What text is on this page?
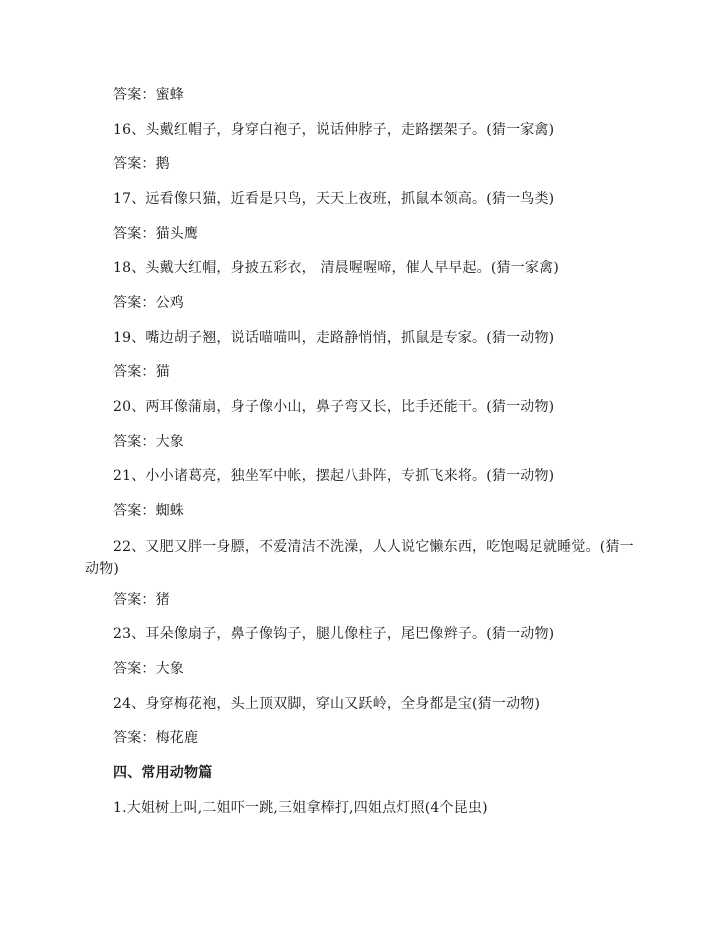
答案：蜜蜂
16、头戴红帽子，身穿白袍子，说话伸脖子，走路摆架子。(猜一家禽)
答案：鹅
17、远看像只猫，近看是只鸟，天天上夜班，抓鼠本领高。(猜一鸟类)
答案：猫头鹰
18、头戴大红帽，身披五彩衣， 清晨喔喔啼，催人早早起。(猜一家禽)
答案：公鸡
19、嘴边胡子翘，说话喵喵叫，走路静悄悄，抓鼠是专家。(猜一动物)
答案：猫
20、两耳像蒲扇，身子像小山，鼻子弯又长，比手还能干。(猜一动物)
答案：大象
21、小小诸葛亮，独坐军中帐，摆起八卦阵，专抓飞来将。(猜一动物)
答案：蜘蛛
22、又肥又胖一身膘，不爱清洁不洗澡，人人说它懒东西，吃饱喝足就睡觉。(猜一动物)
答案：猪
23、耳朵像扇子，鼻子像钩子，腿儿像柱子，尾巴像辫子。(猜一动物)
答案：大象
24、身穿梅花袍，头上顶双脚，穿山又跃岭，全身都是宝(猜一动物)
答案：梅花鹿
四、常用动物篇
1.大姐树上叫,二姐吓一跳,三姐拿棒打,四姐点灯照(4个昆虫)
